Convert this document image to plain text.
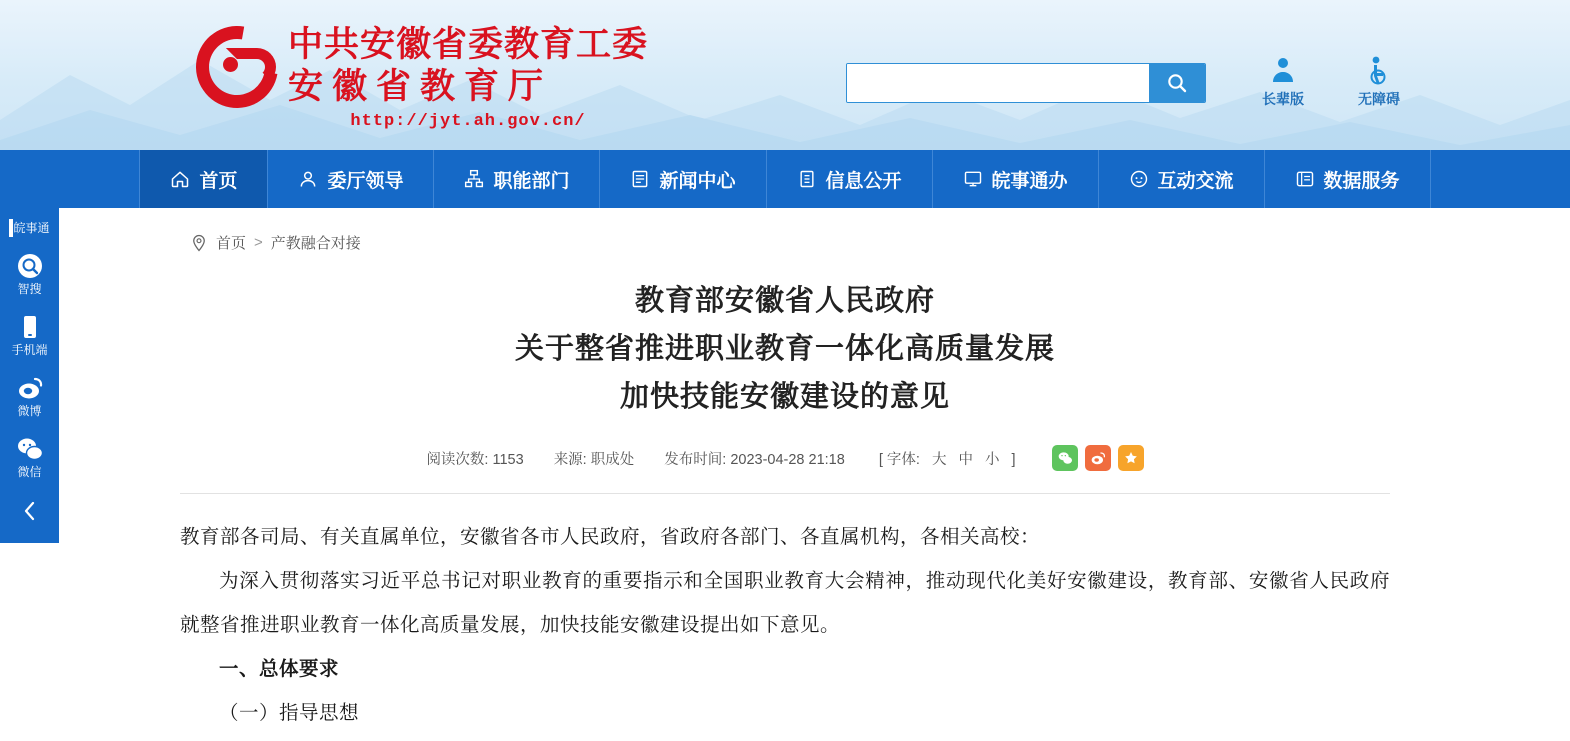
中共安徽省委教育工委
安徽省教育厅
http://jyt.ah.gov.cn/
长辈版	无障碍
首页	委厅领导	职能部门	新闻中心	信息公开	皖事通办	互动交流	数据服务
皖事通
智搜
手机端
微博
微信
首页 > 产教融合对接
教育部安徽省人民政府
关于整省推进职业教育一体化高质量发展
加快技能安徽建设的意见
阅读次数: 1153 来源: 职成处 发布时间: 2023-04-28 21:18 [ 字体: 大 中 小 ]

教育部各司局、有关直属单位，安徽省各市人民政府，省政府各部门、各直属机构，各相关高校：

为深入贯彻落实习近平总书记对职业教育的重要指示和全国职业教育大会精神，推动现代化美好安徽建设，教育部、安徽省人民政府就整省推进职业教育一体化高质量发展，加快技能安徽建设提出如下意见。

一、总体要求

（一）指导思想
